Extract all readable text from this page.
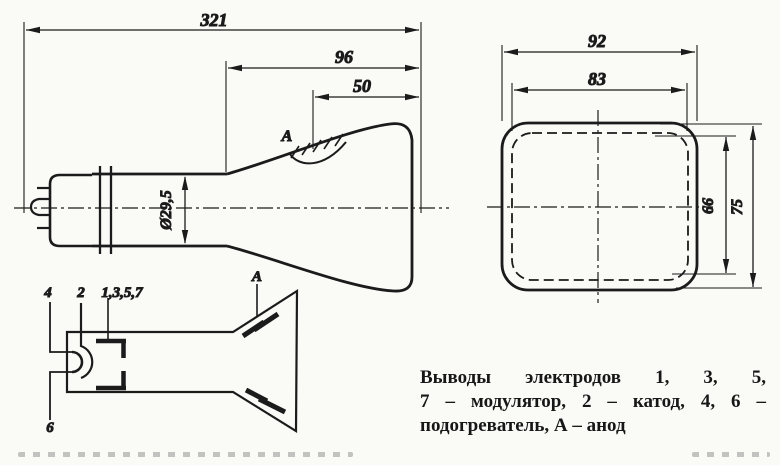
321
96
50
Ø29,5
А
92
83
66 75
4 2 1,3,5,7
6
А
Выводы электродов 1, 3, 5,
7 – модулятор, 2 – катод, 4, 6 –
подогреватель, А – анод
